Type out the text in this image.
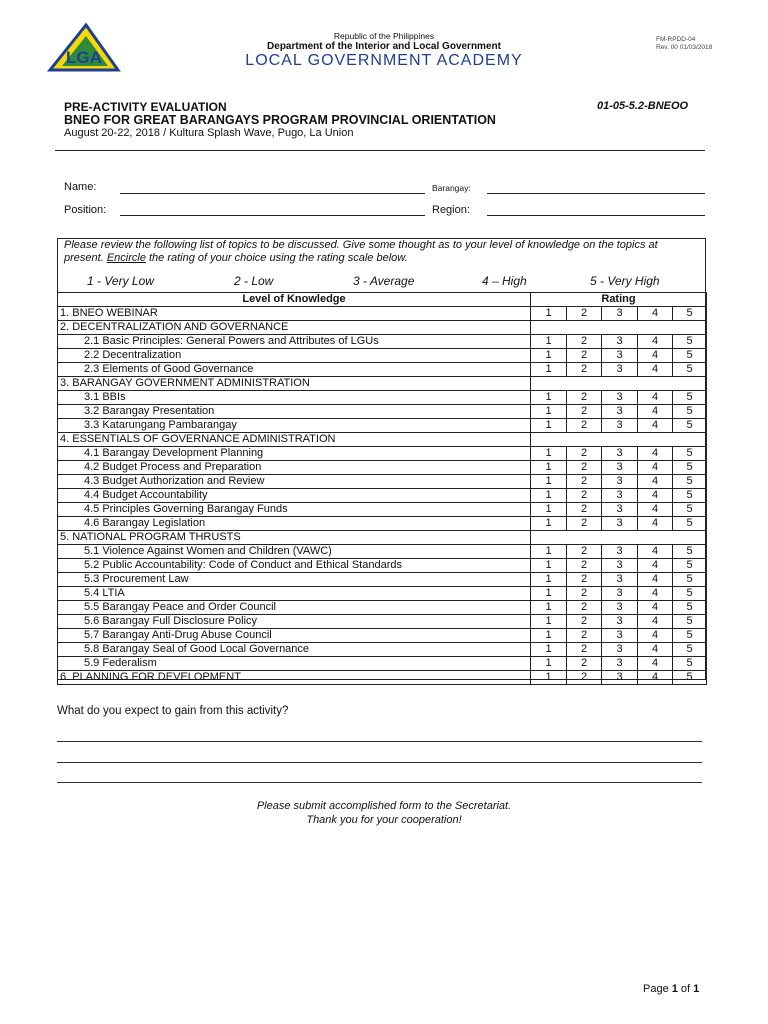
LGA
Republic of the Philippines
Department of the Interior and Local Government
LOCAL GOVERNMENT ACADEMY
FM-RPDD-04
Rev. 00 01/03/2018
PRE-ACTIVITY EVALUATION	01-05-5.2-BNEOO
BNEO FOR GREAT BARANGAYS PROGRAM PROVINCIAL ORIENTATION
August 20-22, 2018 / Kultura Splash Wave, Pugo, La Union
Name:	Barangay:
Position:	Region:
Please review the following list of topics to be discussed. Give some thought as to your level of knowledge on the topics at present. Encircle the rating of your choice using the rating scale below.
1 - Very Low	2 - Low	3 - Average	4 – High	5 - Very High
Level of Knowledge	Rating				
1. BNEO WEBINAR	1	2	3	4	5
2. DECENTRALIZATION AND GOVERNANCE					
2.1 Basic Principles: General Powers and Attributes of LGUs	1	2	3	4	5
2.2 Decentralization	1	2	3	4	5
2.3 Elements of Good Governance	1	2	3	4	5
3. BARANGAY GOVERNMENT ADMINISTRATION					
3.1 BBIs	1	2	3	4	5
3.2 Barangay Presentation	1	2	3	4	5
3.3 Katarungang Pambarangay	1	2	3	4	5
4. ESSENTIALS OF GOVERNANCE ADMINISTRATION					
4.1 Barangay Development Planning	1	2	3	4	5
4.2 Budget Process and Preparation	1	2	3	4	5
4.3 Budget Authorization and Review	1	2	3	4	5
4.4 Budget Accountability	1	2	3	4	5
4.5 Principles Governing Barangay Funds	1	2	3	4	5
4.6 Barangay Legislation	1	2	3	4	5
5. NATIONAL PROGRAM THRUSTS					
5.1 Violence Against Women and Children (VAWC)	1	2	3	4	5
5.2 Public Accountability: Code of Conduct and Ethical Standards	1	2	3	4	5
5.3 Procurement Law	1	2	3	4	5
5.4 LTIA	1	2	3	4	5
5.5 Barangay Peace and Order Council	1	2	3	4	5
5.6 Barangay Full Disclosure Policy	1	2	3	4	5
5.7 Barangay Anti-Drug Abuse Council	1	2	3	4	5
5.8 Barangay Seal of Good Local Governance	1	2	3	4	5
5.9 Federalism	1	2	3	4	5
6. PLANNING FOR DEVELOPMENT	1	2	3	4	5
What do you expect to gain from this activity?
Please submit accomplished form to the Secretariat.
Thank you for your cooperation!
Page 1 of 1
